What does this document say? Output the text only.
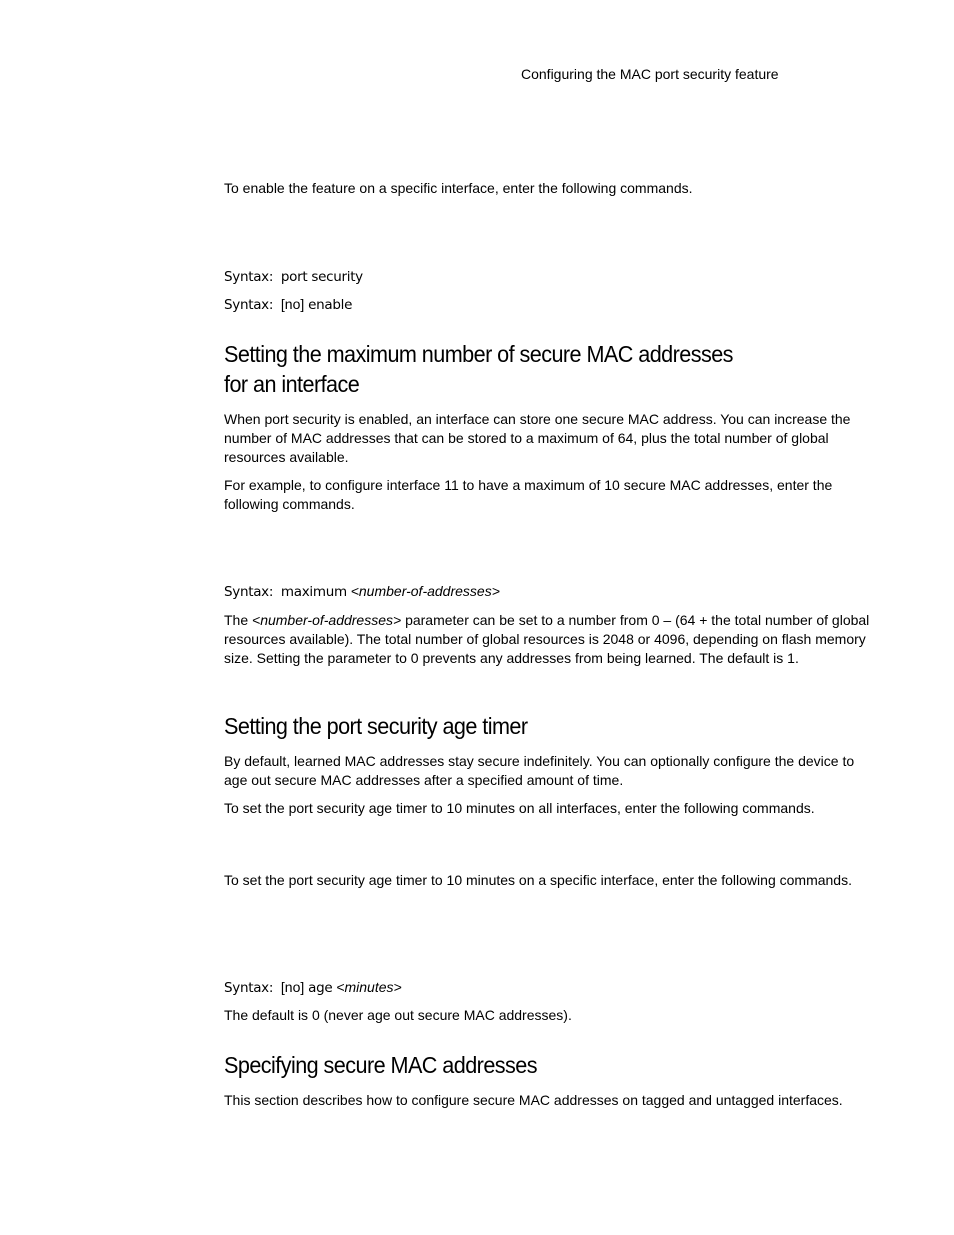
Configuring the MAC port security feature

To enable the feature on a specific interface, enter the following commands.

Syntax: port security
Syntax: [no] enable
Setting the maximum number of secure MAC addresses
for an interface

When port security is enabled, an interface can store one secure MAC address. You can increase the number of MAC addresses that can be stored to a maximum of 64, plus the total number of global resources available.

For example, to configure interface 11 to have a maximum of 10 secure MAC addresses, enter the following commands.

Syntax: maximum <number-of-addresses>

The <number-of-addresses> parameter can be set to a number from 0 – (64 + the total number of global resources available). The total number of global resources is 2048 or 4096, depending on flash memory size. Setting the parameter to 0 prevents any addresses from being learned. The default is 1.

Setting the port security age timer

By default, learned MAC addresses stay secure indefinitely. You can optionally configure the device to age out secure MAC addresses after a specified amount of time.

To set the port security age timer to 10 minutes on all interfaces, enter the following commands.

To set the port security age timer to 10 minutes on a specific interface, enter the following commands.

Syntax: [no] age <minutes>

The default is 0 (never age out secure MAC addresses).

Specifying secure MAC addresses

This section describes how to configure secure MAC addresses on tagged and untagged interfaces.
